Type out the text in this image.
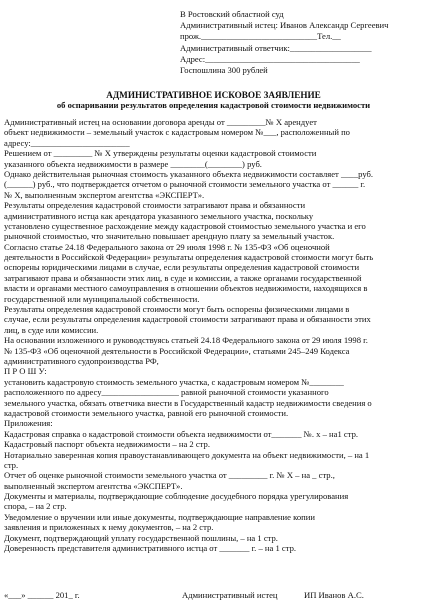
В Ростовский областной суд
Административный истец: Иванов Александр Сергеевич
прож.___________________________Тел.__
Административный ответчик:___________________
Адрес:____________________________________
Госпошлина 300 рублей
АДМИНИСТРАТИВНОЕ ИСКОВОЕ ЗАЯВЛЕНИЕ
об оспаривании результатов определения кадастровой стоимости недвижимости
Административный истец на основании договора аренды от _________№ Х арендует
объект недвижимости – земельный участок с кадастровым номером №___, расположенный по
адресу:_______________________
Решением от _________ № Х утверждены результаты оценки кадастровой стоимости
указанного объекта недвижимости в размере ________(________) руб.
Однако действительная рыночная стоимость указанного объекта недвижимости составляет ____руб.
(______) руб., что подтверждается отчетом о рыночной стоимости земельного участка от ______ г.
№ Х, выполненным экспертом агентства «ЭКСПЕРТ».
Результаты определения кадастровой стоимости затрагивают права и обязанности
административного истца как арендатора указанного земельного участка, поскольку
установлено существенное расхождение между кадастровой стоимостью земельного участка и его
рыночной стоимостью, что значительно повышает арендную плату за земельный участок.
Согласно статье 24.18 Федерального закона от 29 июля 1998 г. № 135-ФЗ «Об оценочной
деятельности в Российской Федерации» результаты определения кадастровой стоимости могут быть
оспорены юридическими лицами в случае, если результаты определения кадастровой стоимости
затрагивают права и обязанности этих лиц, в суде и комиссии, а также органами государственной
власти и органами местного самоуправления в отношении объектов недвижимости, находящихся в
государственной или муниципальной собственности.
Результаты определения кадастровой стоимости могут быть оспорены физическими лицами в
случае, если результаты определения кадастровой стоимости затрагивают права и обязанности этих
лиц, в суде или комиссии.
На основании изложенного и руководствуясь статьей 24.18 Федерального закона от 29 июля 1998 г.
№ 135-ФЗ «Об оценочной деятельности в Российской Федерации», статьями 245–249 Кодекса
административного судопроизводства РФ,
П Р О Ш У:
установить кадастровую стоимость земельного участка, с кадастровым номером №________
расположенного по адресу__________________ равной рыночной стоимости указанного
земельного участка, обязать ответчика внести в Государственный кадастр недвижимости сведения о
кадастровой стоимости земельного участка, равной его рыночной стоимости.
Приложения:
Кадастровая справка о кадастровой стоимости объекта недвижимости от_______ №. х – на1 стр.
Кадастровый паспорт объекта недвижимости – на 2 стр.
Нотариально заверенная копия правоустанавливающего документа на объект недвижимости, – на 1
стр.
Отчет об оценке рыночной стоимости земельного участка от _________ г. № Х – на _ стр.,
выполненный экспертом агентства «ЭКСПЕРТ».
Документы и материалы, подтверждающие соблюдение досудебного порядка урегулирования
спора, – на 2 стр.
Уведомление о вручении или иные документы, подтверждающие направление копии
заявления и приложенных к нему документов, – на 2 стр.
Документ, подтверждающий уплату государственной пошлины, – на 1 стр.
Доверенность представителя административного истца от _______ г. – на 1 стр.
«___» ______ 201_ г.	Административный истец	ИП Иванов А.С.
